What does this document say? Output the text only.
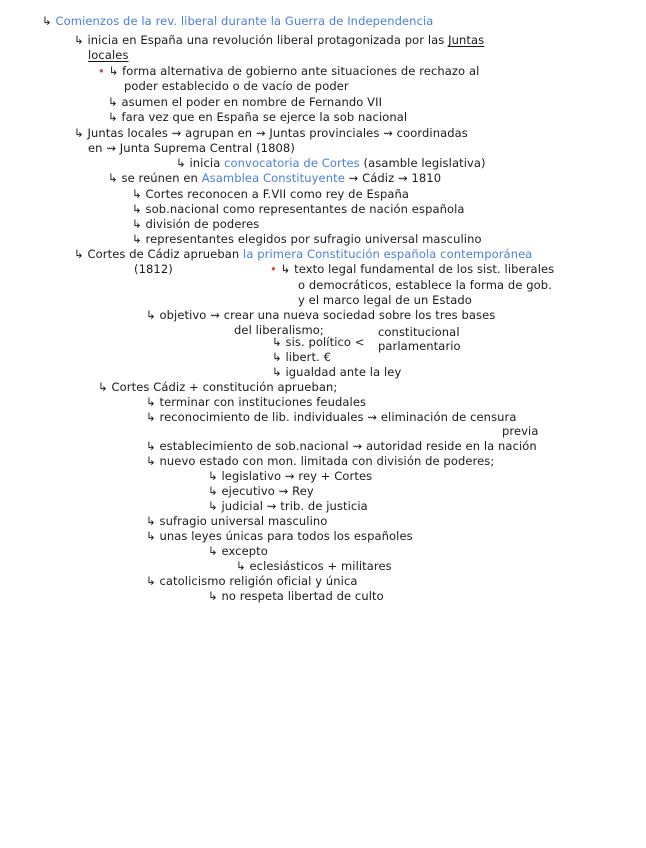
↳ Comienzos de la rev. liberal durante la Guerra de Independencia
↳ inicia en España una revolución liberal protagonizada por las Juntas
locales
• ↳ forma alternativa de gobierno ante situaciones de rechazo al
poder establecido o de vacío de poder
↳ asumen el poder en nombre de Fernando VII
↳ fara vez que en España se ejerce la sob nacional
↳ Juntas locales ⇝ agrupan en ⇝ Juntas provinciales ⇝ coordinadas
en ⇝ Junta Suprema Central (1808)
↳ inicia convocatoria de Cortes (asamble legislativa)
↳ se reúnen en Asamblea Constituyente ⇝ Cádiz ⇝ 1810
↳ Cortes reconocen a F.VII como rey de España
↳ sob.nacional como representantes de nación española
↳ división de poderes
↳ representantes elegidos por sufragio universal masculino
↳ Cortes de Cádiz aprueban la primera Constitución española contemporánea
(1812)	• ↳ texto legal fundamental de los sist. liberales
o democráticos, establece la forma de gob.
y el marco legal de un Estado
↳ objetivo ⇝ crear una nueva sociedad sobre los tres bases
del liberalismo;	constitucional
↳ sis. político < parlamentario
↳ libert. €
↳ igualdad ante la ley
↳ Cortes Cádiz + constitución aprueban;
↳ terminar con instituciones feudales
↳ reconocimiento de lib. individuales ⇝ eliminación de censura
previa
↳ establecimiento de sob.nacional ⇝ autoridad reside en la nación
↳ nuevo estado con mon. limitada con división de poderes;
↳ legislativo ⇝ rey + Cortes
↳ ejecutivo ⇝ Rey
↳ judicial ⇝ trib. de justicia
↳ sufragio universal masculino
↳ unas leyes únicas para todos los españoles
↳ excepto
↳ eclesiásticos + militares
↳ catolicismo religión oficial y única
↳ no respeta libertad de culto
